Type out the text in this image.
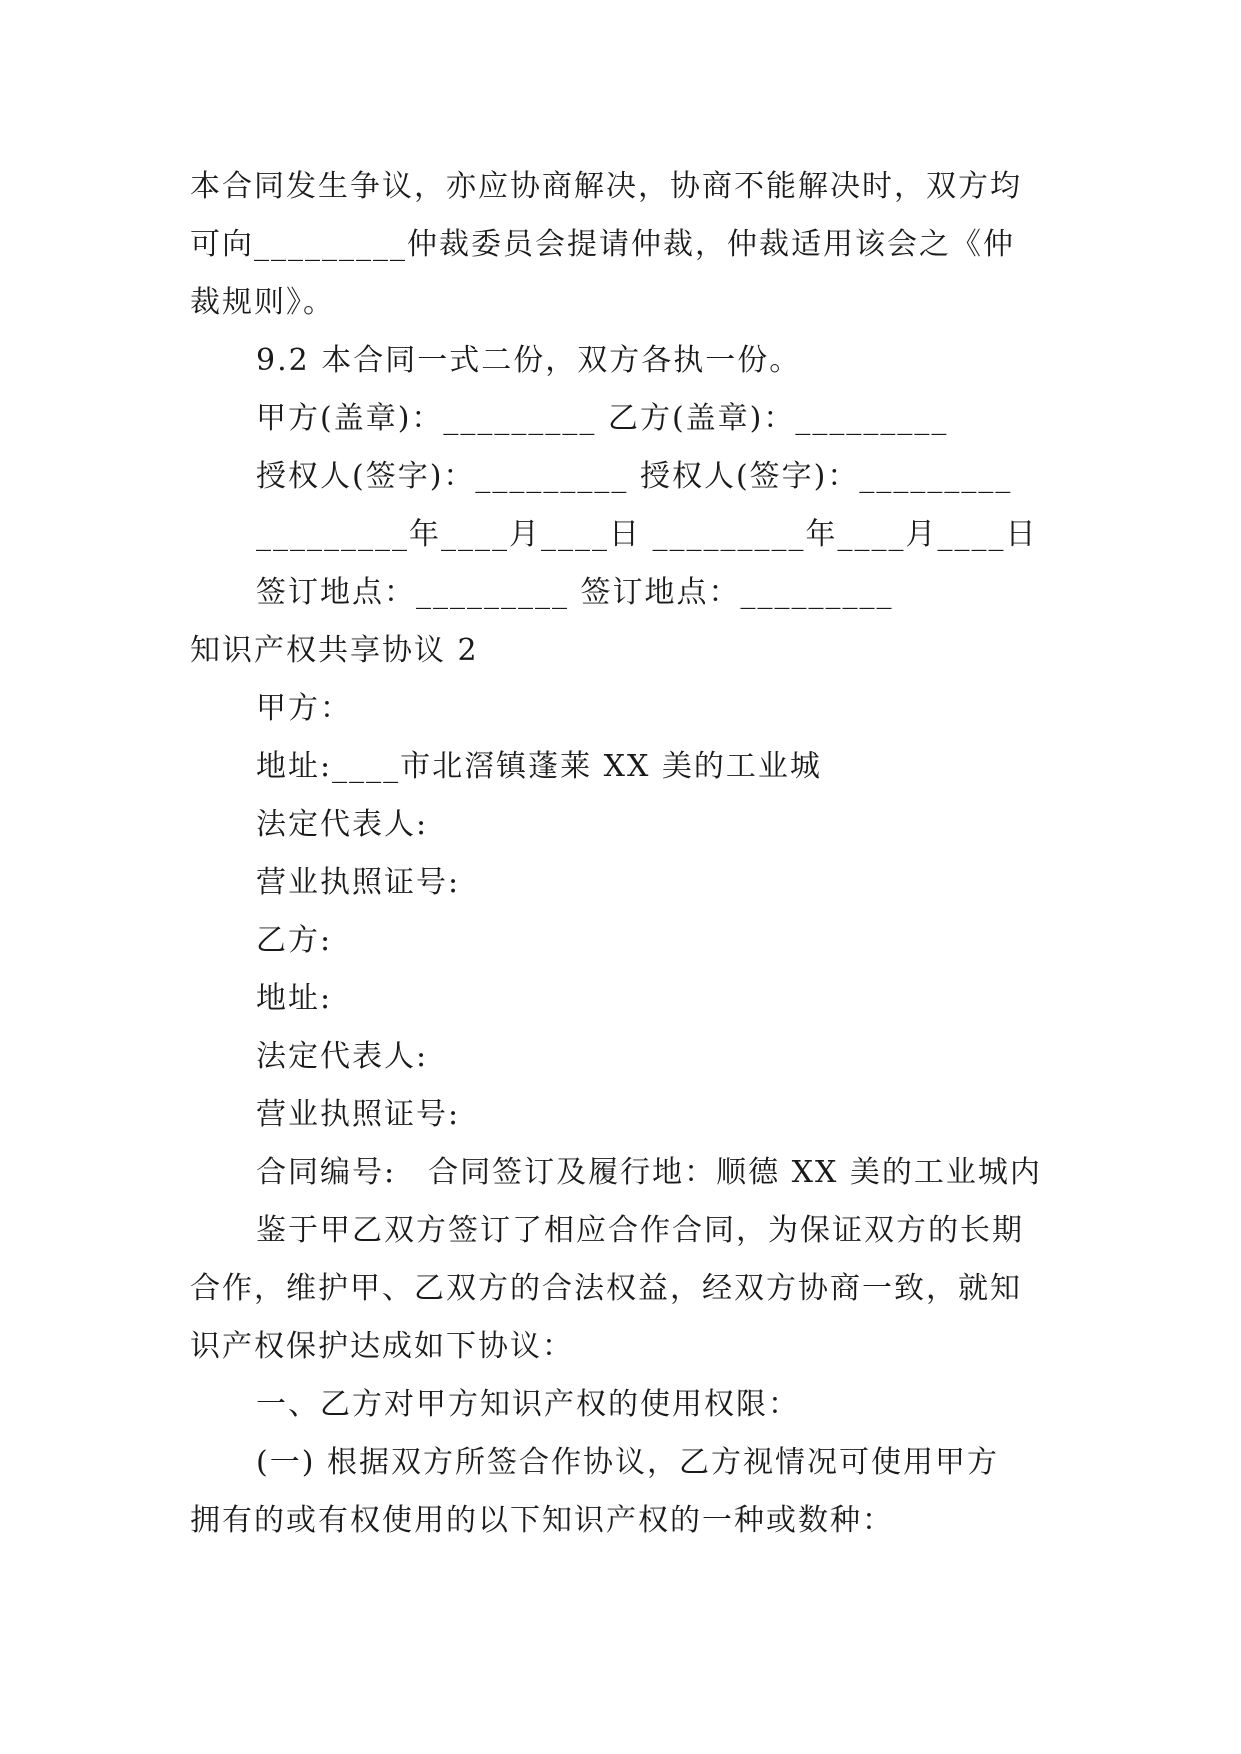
本合同发生争议，亦应协商解决，协商不能解决时，双方均
可向_________仲裁委员会提请仲裁，仲裁适用该会之《仲
裁规则》。
9.2 本合同一式二份，双方各执一份。
甲方(盖章)：_________ 乙方(盖章)：_________
授权人(签字)：_________ 授权人(签字)：_________
_________年____月____日 _________年____月____日
签订地点：_________ 签订地点：_________
知识产权共享协议 2
甲方：
地址:____市北滘镇蓬莱 XX 美的工业城
法定代表人:
营业执照证号:
乙方:
地址:
法定代表人:
营业执照证号:
合同编号:　合同签订及履行地：顺德 XX 美的工业城内
鉴于甲乙双方签订了相应合作合同，为保证双方的长期
合作，维护甲、乙双方的合法权益，经双方协商一致，就知
识产权保护达成如下协议：
一、乙方对甲方知识产权的使用权限：
(一) 根据双方所签合作协议，乙方视情况可使用甲方
拥有的或有权使用的以下知识产权的一种或数种：
